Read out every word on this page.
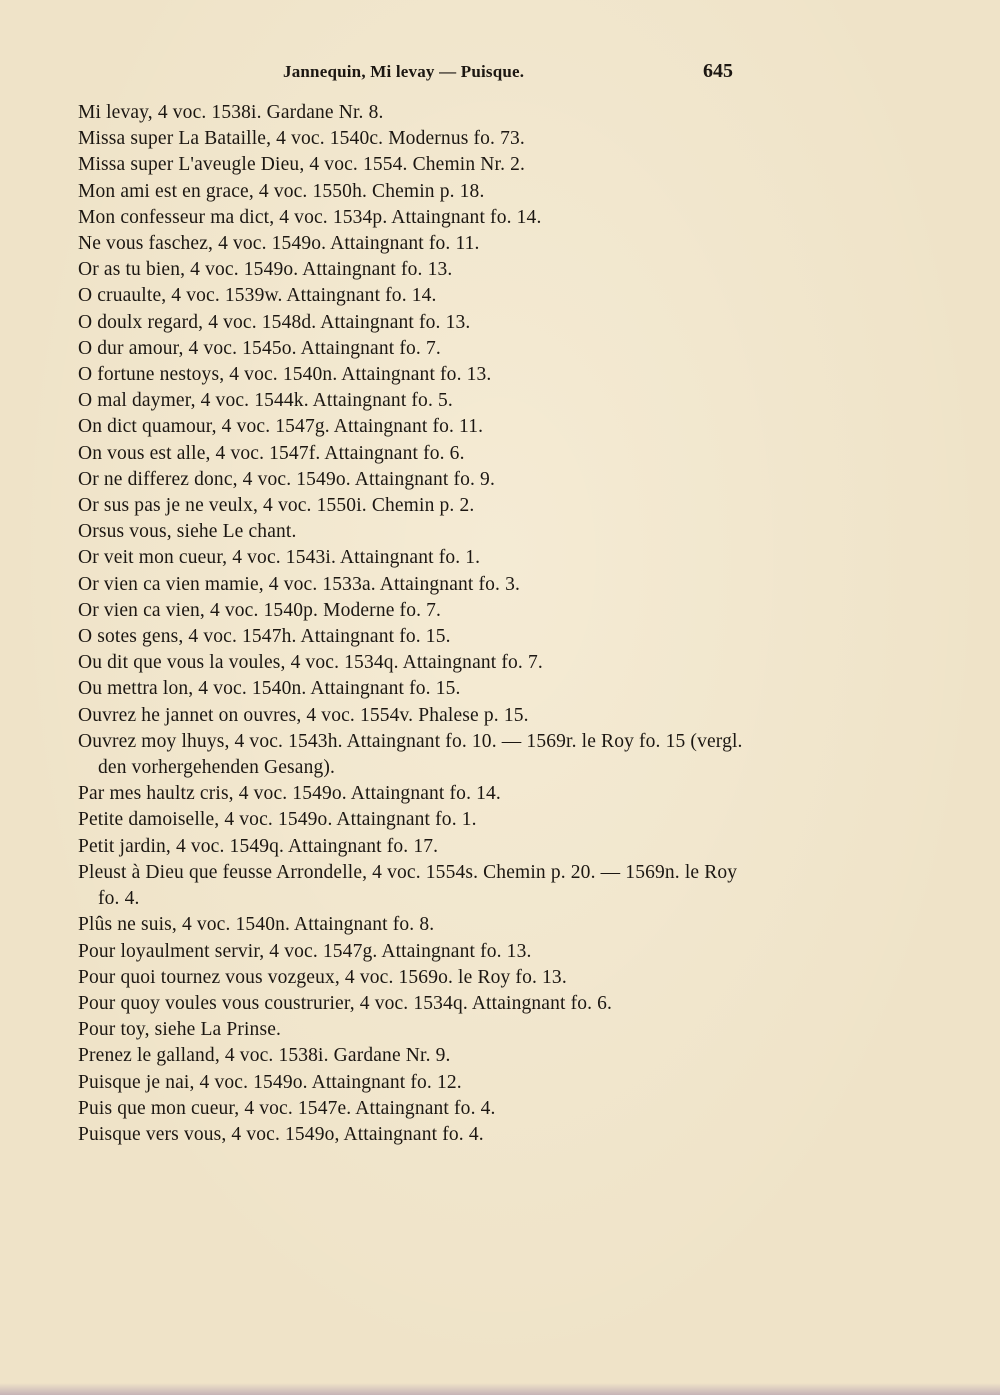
Jannequin, Mi levay — Puisque.	645
Mi levay, 4 voc. 1538i. Gardane Nr. 8.
Missa super La Bataille, 4 voc. 1540c. Modernus fo. 73.
Missa super L'aveugle Dieu, 4 voc. 1554. Chemin Nr. 2.
Mon ami est en grace, 4 voc. 1550h. Chemin p. 18.
Mon confesseur ma dict, 4 voc. 1534p. Attaingnant fo. 14.
Ne vous faschez, 4 voc. 1549o. Attaingnant fo. 11.
Or as tu bien, 4 voc. 1549o. Attaingnant fo. 13.
O cruaulte, 4 voc. 1539w. Attaingnant fo. 14.
O doulx regard, 4 voc. 1548d. Attaingnant fo. 13.
O dur amour, 4 voc. 1545o. Attaingnant fo. 7.
O fortune nestoys, 4 voc. 1540n. Attaingnant fo. 13.
O mal daymer, 4 voc. 1544k. Attaingnant fo. 5.
On dict quamour, 4 voc. 1547g. Attaingnant fo. 11.
On vous est alle, 4 voc. 1547f. Attaingnant fo. 6.
Or ne differez donc, 4 voc. 1549o. Attaingnant fo. 9.
Or sus pas je ne veulx, 4 voc. 1550i. Chemin p. 2.
Orsus vous, siehe Le chant.
Or veit mon cueur, 4 voc. 1543i. Attaingnant fo. 1.
Or vien ca vien mamie, 4 voc. 1533a. Attaingnant fo. 3.
Or vien ca vien, 4 voc. 1540p. Moderne fo. 7.
O sotes gens, 4 voc. 1547h. Attaingnant fo. 15.
Ou dit que vous la voules, 4 voc. 1534q. Attaingnant fo. 7.
Ou mettra lon, 4 voc. 1540n. Attaingnant fo. 15.
Ouvrez he jannet on ouvres, 4 voc. 1554v. Phalese p. 15.
Ouvrez moy lhuys, 4 voc. 1543h. Attaingnant fo. 10. — 1569r. le Roy fo. 15 (vergl. den vorhergehenden Gesang).
Par mes haultz cris, 4 voc. 1549o. Attaingnant fo. 14.
Petite damoiselle, 4 voc. 1549o. Attaingnant fo. 1.
Petit jardin, 4 voc. 1549q. Attaingnant fo. 17.
Pleust à Dieu que feusse Arrondelle, 4 voc. 1554s. Chemin p. 20. — 1569n. le Roy fo. 4.
Plûs ne suis, 4 voc. 1540n. Attaingnant fo. 8.
Pour loyaulment servir, 4 voc. 1547g. Attaingnant fo. 13.
Pour quoi tournez vous vozgeux, 4 voc. 1569o. le Roy fo. 13.
Pour quoy voules vous coustrurier, 4 voc. 1534q. Attaingnant fo. 6.
Pour toy, siehe La Prinse.
Prenez le galland, 4 voc. 1538i. Gardane Nr. 9.
Puisque je nai, 4 voc. 1549o. Attaingnant fo. 12.
Puis que mon cueur, 4 voc. 1547e. Attaingnant fo. 4.
Puisque vers vous, 4 voc. 1549o, Attaingnant fo. 4.
